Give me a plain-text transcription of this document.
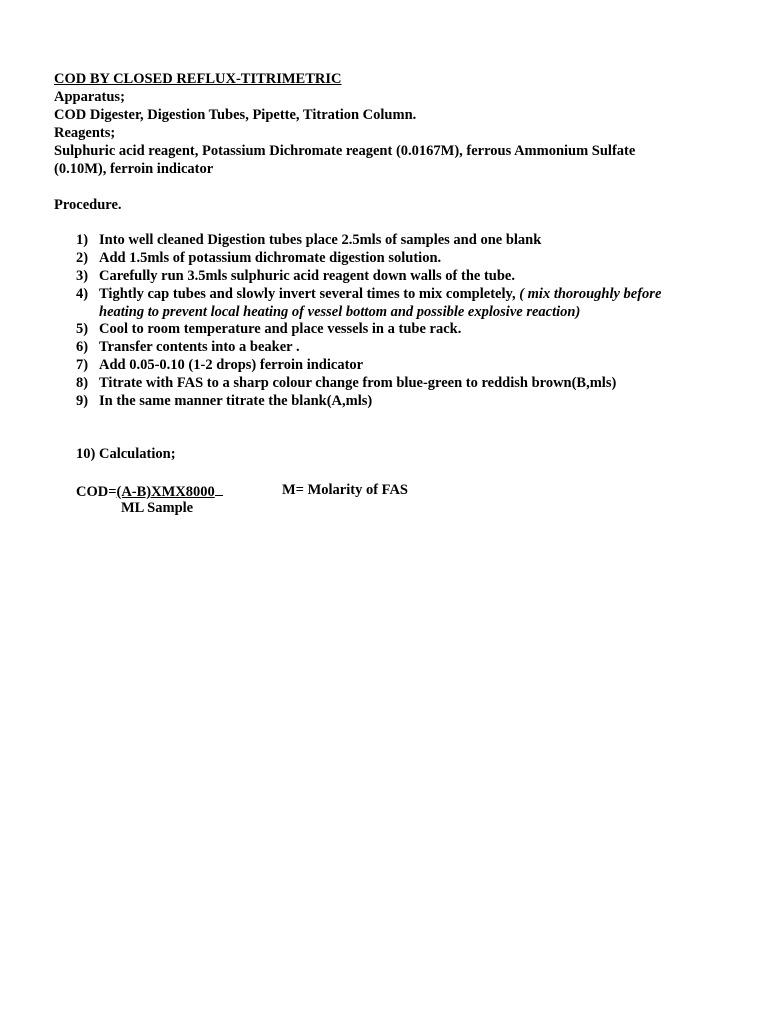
COD BY CLOSED REFLUX-TITRIMETRIC
Apparatus;
COD Digester, Digestion Tubes, Pipette, Titration Column.
Reagents;
Sulphuric acid reagent, Potassium Dichromate reagent (0.0167M), ferrous Ammonium Sulfate
(0.10M), ferroin indicator
Procedure.
1) Into well cleaned Digestion tubes place 2.5mls of samples and one blank
2) Add 1.5mls of potassium dichromate digestion solution.
3) Carefully run 3.5mls sulphuric acid reagent down walls of the tube.
4) Tightly cap tubes and slowly invert several times to mix completely, ( mix thoroughly before
heating to prevent local heating of vessel bottom and possible explosive reaction)
5) Cool to room temperature and place vessels in a tube rack.
6) Transfer contents into a beaker .
7) Add 0.05-0.10 (1-2 drops) ferroin indicator
8) Titrate with FAS to a sharp colour change from blue-green to reddish brown(B,mls)
9) In the same manner titrate the blank(A,mls)
10) Calculation;
COD=(A-B)XMX8000	M= Molarity of FAS
ML Sample
